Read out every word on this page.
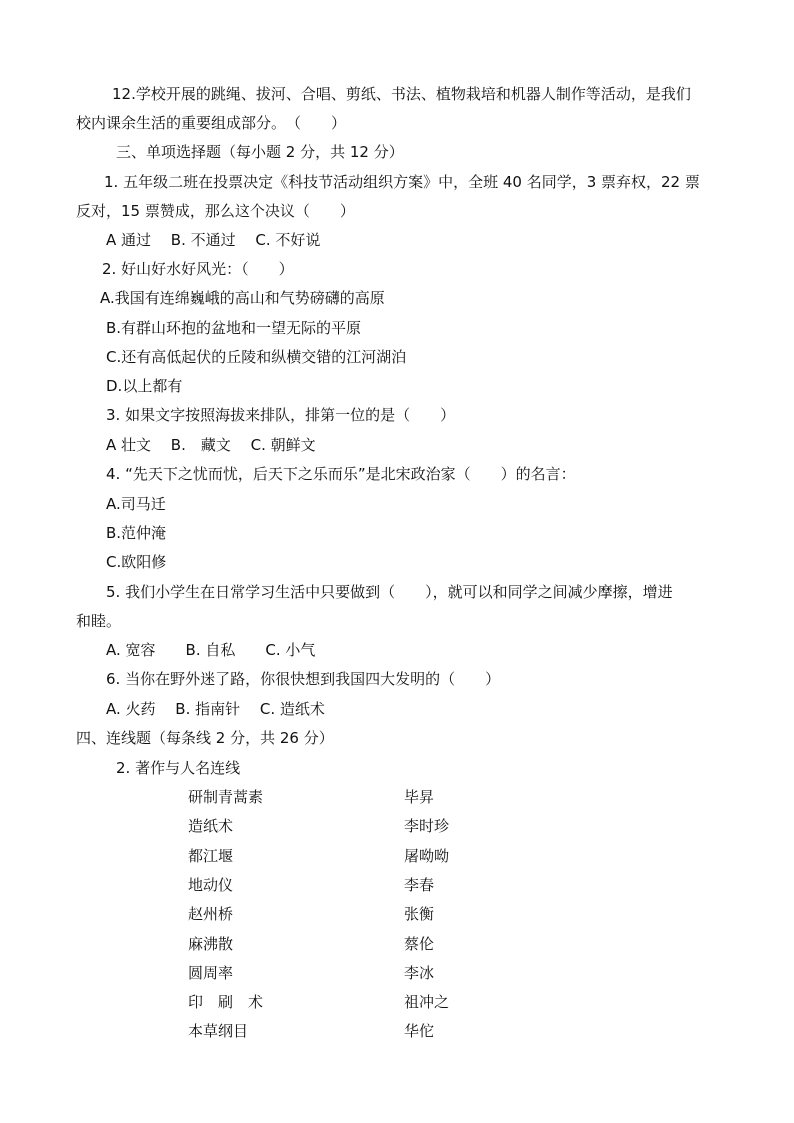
12.学校开展的跳绳、拔河、合唱、剪纸、书法、植物栽培和机器人制作等活动，是我们
校内课余生活的重要组成部分。　（　　）
三、单项选择题（每小题 2 分，共 12 分）
1. 五年级二班在投票决定《科技节活动组织方案》中，全班 40 名同学，3 票弃权，22 票
反对，15 票赞成，那么这个决议（　　）
A 通过　 B. 不通过　 C. 不好说
2. 好山好水好风光：（　　）
A.我国有连绵巍峨的高山和气势磅礴的高原
B.有群山环抱的盆地和一望无际的平原
C.还有高低起伏的丘陵和纵横交错的江河湖泊
D.以上都有
3. 如果文字按照海拔来排队，排第一位的是（　　）
A 壮文　 B.　藏文　 C. 朝鲜文
4. “先天下之忧而忧，后天下之乐而乐”是北宋政治家（　　）的名言：
A.司马迁
B.范仲淹
C.欧阳修
5. 我们小学生在日常学习生活中只要做到（　　），就可以和同学之间减少摩擦，增进
和睦。
A. 宽容　　B. 自私　　C. 小气
6. 当你在野外迷了路，你很快想到我国四大发明的（　　）
A. 火药　 B. 指南针　 C. 造纸术
四、连线题（每条线 2 分，共 26 分）
2. 著作与人名连线
研制青蒿素
造纸术
都江堰
地动仪
赵州桥
麻沸散
圆周率
印　刷　术
本草纲目
毕昇
李时珍
屠呦呦
李春
张衡
蔡伦
李冰
祖冲之
华佗
